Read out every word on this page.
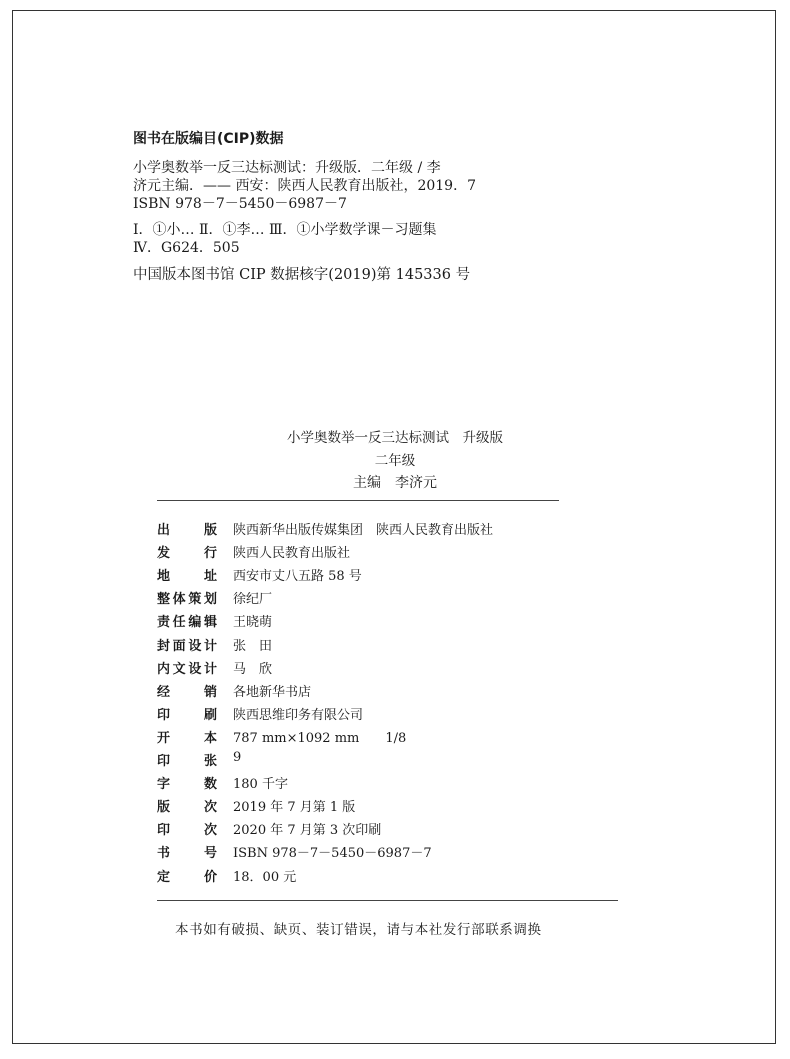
图书在版编目(CIP)数据
小学奥数举一反三达标测试：升级版．二年级 / 李
济元主编．—— 西安：陕西人民教育出版社，2019．7
ISBN 978－7－5450－6987－7
Ⅰ．①小… Ⅱ．①李… Ⅲ．①小学数学课－习题集
Ⅳ．G624．505
中国版本图书馆 CIP 数据核字(2019)第 145336 号
小学奥数举一反三达标测试　升级版
二年级
主编　李济元
出	版 陕西新华出版传媒集团　陕西人民教育出版社
发	行 陕西人民教育出版社
地	址 西安市丈八五路 58 号
整 体 策 划 徐纪厂
责 任 编 辑 王晓萌
封 面 设 计 张　田
内 文 设 计 马　欣
经	销 各地新华书店
印	刷 陕西思维印务有限公司
开	本 787 mm×1092 mm　　1/8
印	张 9
字	数 180 千字
版	次 2019 年 7 月第 1 版
印	次 2020 年 7 月第 3 次印刷
书	号 ISBN 978－7－5450－6987－7
定	价 18．00 元
本书如有破损、缺页、装订错误，请与本社发行部联系调换
